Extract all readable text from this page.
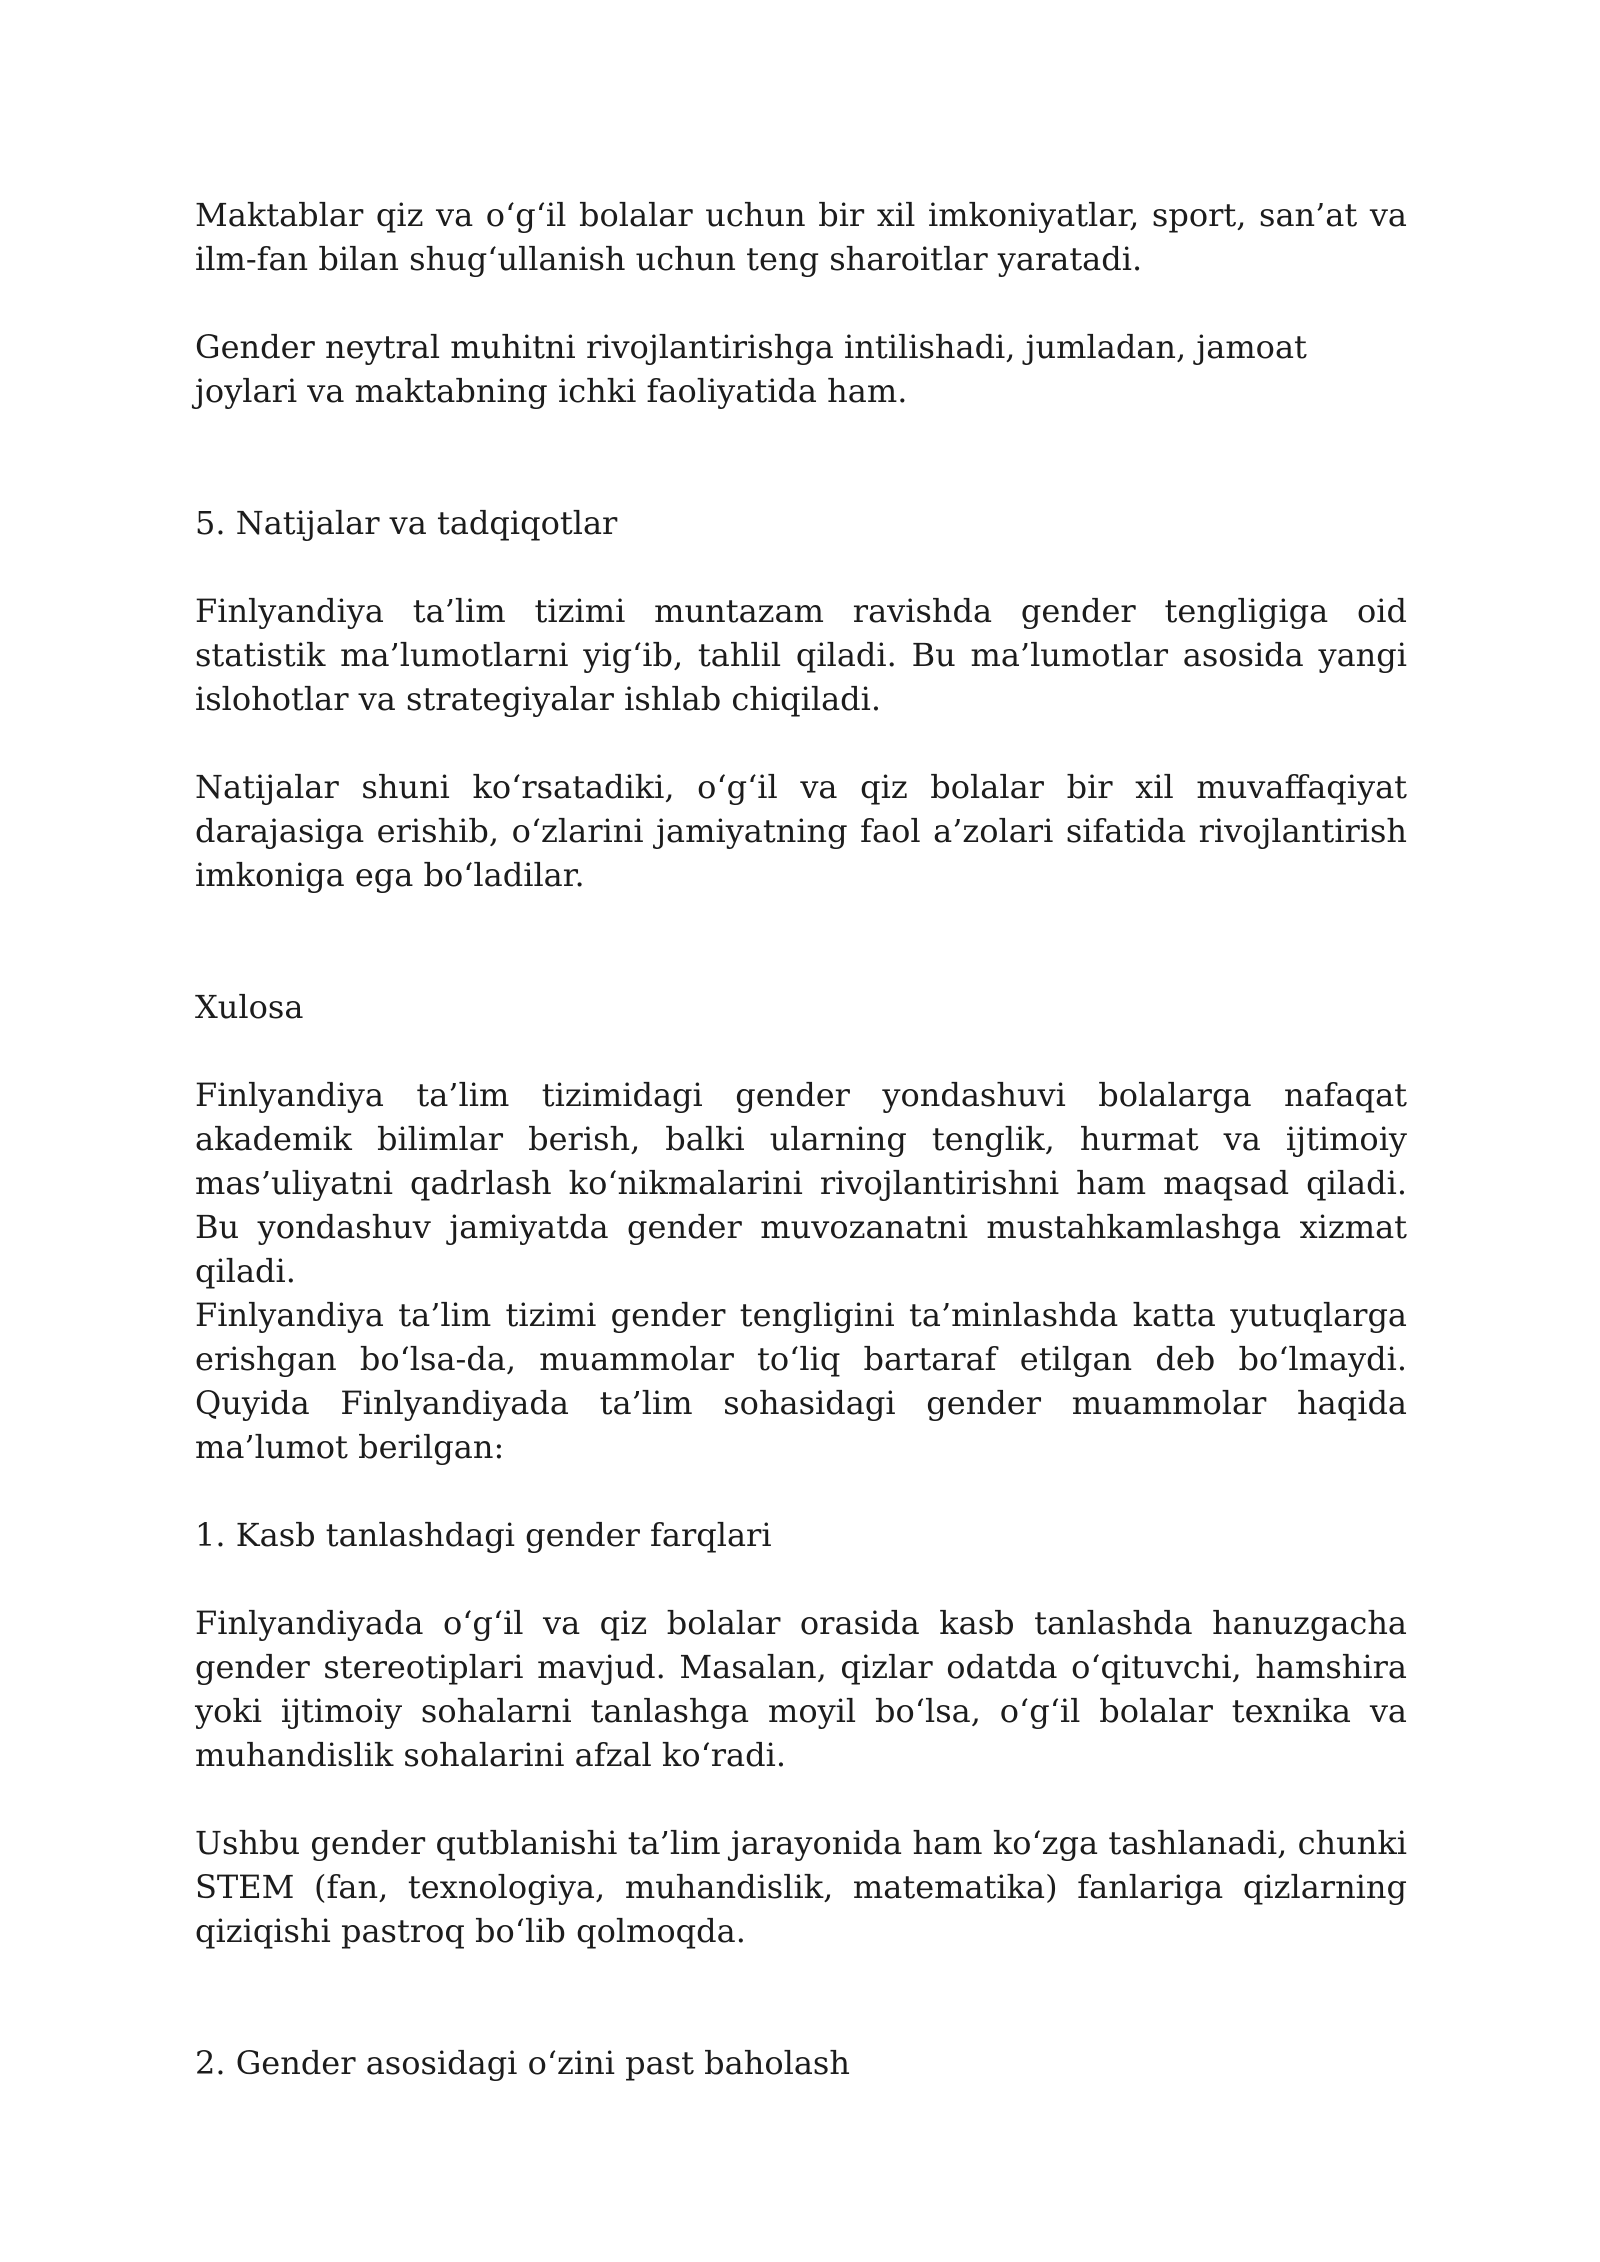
Maktablar qiz va o‘g‘il bolalar uchun bir xil imkoniyatlar, sport, san’at va ilm-fan bilan shug‘ullanish uchun teng sharoitlar yaratadi.

Gender neytral muhitni rivojlantirishga intilishadi, jumladan, jamoat joylari va maktabning ichki faoliyatida ham.

5. Natijalar va tadqiqotlar

Finlyandiya ta’lim tizimi muntazam ravishda gender tengligiga oid statistik ma’lumotlarni yig‘ib, tahlil qiladi. Bu ma’lumotlar asosida yangi islohotlar va strategiyalar ishlab chiqiladi.

Natijalar shuni ko‘rsatadiki, o‘g‘il va qiz bolalar bir xil muvaffaqiyat darajasiga erishib, o‘zlarini jamiyatning faol a’zolari sifatida rivojlantirish imkoniga ega bo‘ladilar.

Xulosa

Finlyandiya ta’lim tizimidagi gender yondashuvi bolalarga nafaqat akademik bilimlar berish, balki ularning tenglik, hurmat va ijtimoiy mas’uliyatni qadrlash ko‘nikmalarini rivojlantirishni ham maqsad qiladi. Bu yondashuv jamiyatda gender muvozanatni mustahkamlashga xizmat qiladi.

Finlyandiya ta’lim tizimi gender tengligini ta’minlashda katta yutuqlarga erishgan bo‘lsa-da, muammolar to‘liq bartaraf etilgan deb bo‘lmaydi. Quyida Finlyandiyada ta’lim sohasidagi gender muammolar haqida ma’lumot berilgan:

1. Kasb tanlashdagi gender farqlari

Finlyandiyada o‘g‘il va qiz bolalar orasida kasb tanlashda hanuzgacha gender stereotiplari mavjud. Masalan, qizlar odatda o‘qituvchi, hamshira yoki ijtimoiy sohalarni tanlashga moyil bo‘lsa, o‘g‘il bolalar texnika va muhandislik sohalarini afzal ko‘radi.

Ushbu gender qutblanishi ta’lim jarayonida ham ko‘zga tashlanadi, chunki STEM (fan, texnologiya, muhandislik, matematika) fanlariga qizlarning qiziqishi pastroq bo‘lib qolmoqda.

2. Gender asosidagi o‘zini past baholash
